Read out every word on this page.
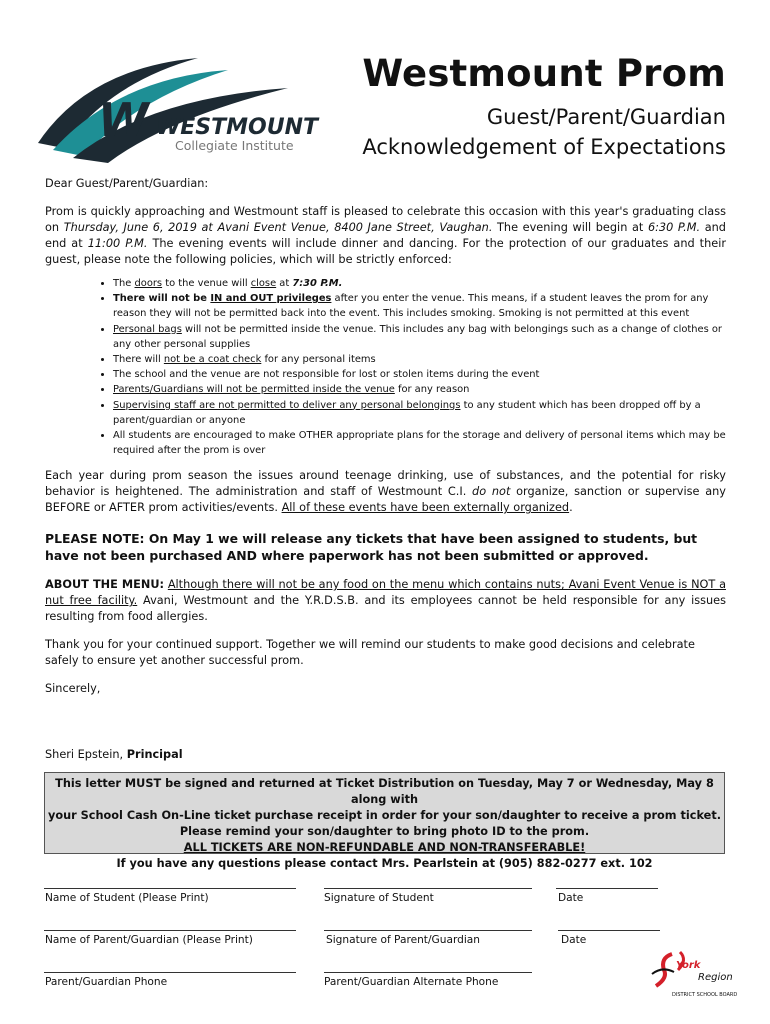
W WESTMOUNT
Collegiate Institute
Westmount Prom
Guest/Parent/Guardian
Acknowledgement of Expectations

Dear Guest/Parent/Guardian:

Prom is quickly approaching and Westmount staff is pleased to celebrate this occasion with this year's graduating class on Thursday, June 6, 2019 at Avani Event Venue, 8400 Jane Street, Vaughan. The evening will begin at 6:30 P.M. and end at 11:00 P.M. The evening events will include dinner and dancing. For the protection of our graduates and their guest, please note the following policies, which will be strictly enforced:

• The doors to the venue will close at 7:30 P.M.
• There will not be IN and OUT privileges after you enter the venue. This means, if a student leaves the prom for any reason they will not be permitted back into the event. This includes smoking. Smoking is not permitted at this event
• Personal bags will not be permitted inside the venue. This includes any bag with belongings such as a change of clothes or any other personal supplies
• There will not be a coat check for any personal items
• The school and the venue are not responsible for lost or stolen items during the event
• Parents/Guardians will not be permitted inside the venue for any reason
• Supervising staff are not permitted to deliver any personal belongings to any student which has been dropped off by a parent/guardian or anyone
• All students are encouraged to make OTHER appropriate plans for the storage and delivery of personal items which may be required after the prom is over

Each year during prom season the issues around teenage drinking, use of substances, and the potential for risky behavior is heightened. The administration and staff of Westmount C.I. do not organize, sanction or supervise any BEFORE or AFTER prom activities/events. All of these events have been externally organized.

PLEASE NOTE: On May 1 we will release any tickets that have been assigned to students, but have not been purchased AND where paperwork has not been submitted or approved.

ABOUT THE MENU: Although there will not be any food on the menu which contains nuts; Avani Event Venue is NOT a nut free facility. Avani, Westmount and the Y.R.D.S.B. and its employees cannot be held responsible for any issues resulting from food allergies.

Thank you for your continued support. Together we will remind our students to make good decisions and celebrate safely to ensure yet another successful prom.

Sincerely,

Sheri Epstein, Principal
This letter MUST be signed and returned at Ticket Distribution on Tuesday, May 7 or Wednesday, May 8 along with
your School Cash On-Line ticket purchase receipt in order for your son/daughter to receive a prom ticket.
Please remind your son/daughter to bring photo ID to the prom.
ALL TICKETS ARE NON-REFUNDABLE AND NON-TRANSFERABLE!
If you have any questions please contact Mrs. Pearlstein at (905) 882-0277 ext. 102
Name of Student (Please Print)	Signature of Student	Date
Name of Parent/Guardian (Please Print)	Signature of Parent/Guardian	Date
Parent/Guardian Phone	Parent/Guardian Alternate Phone
York
Region
DISTRICT SCHOOL BOARD
